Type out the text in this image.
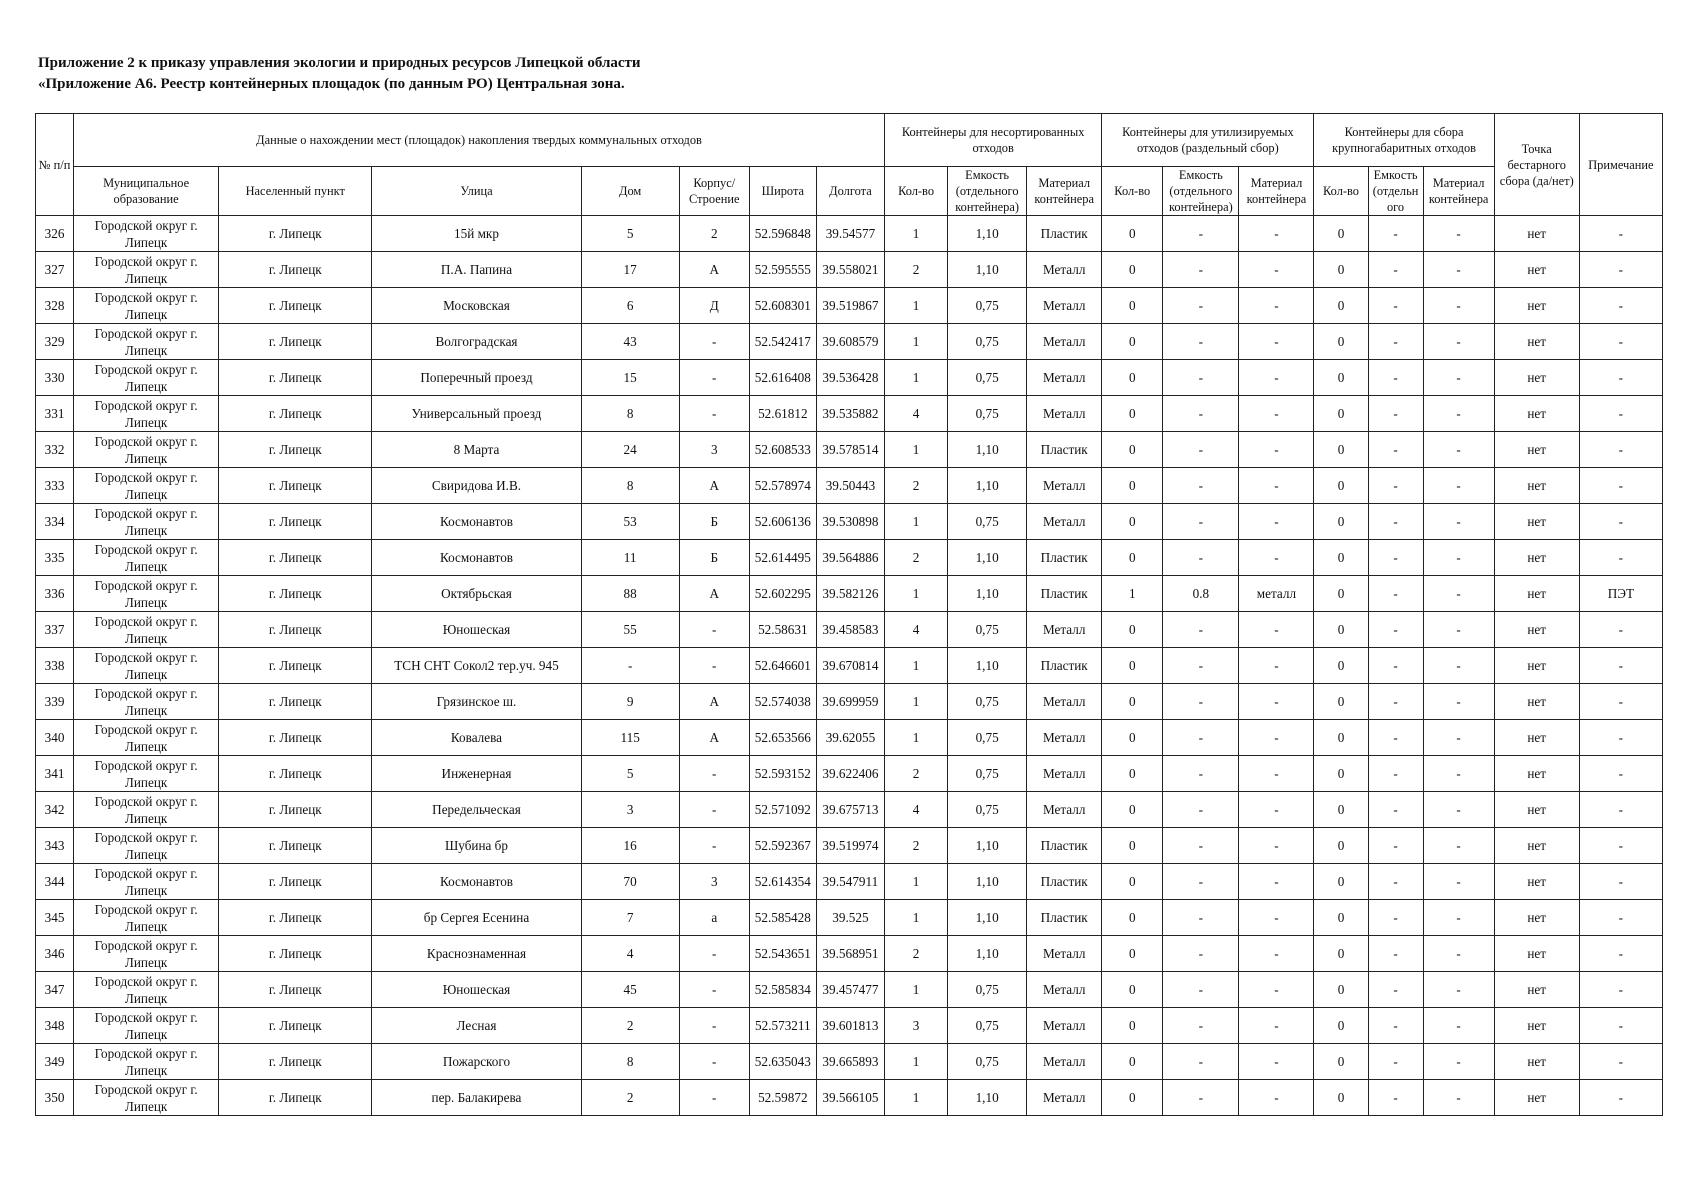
Приложение 2 к приказу управления экологии и природных ресурсов Липецкой области
«Приложение А6. Реестр контейнерных площадок (по данным РО) Центральная зона.
№ п/п	Данные о нахождении мест (площадок) накопления твердых коммунальных отходов							Контейнеры для несортированных отходов			Контейнеры для утилизируемых отходов (раздельный сбор)			Контейнеры для сбора крупногабаритных отходов			Точка бестарного сбора (да/нет)	Примечание
	Муниципальное образование	Населенный пункт	Улица	Дом	Корпус/ Строение	Широта	Долгота	Кол-во	Емкость (отдельного контейнера)	Материал контейнера	Кол-во	Емкость (отдельного контейнера)	Материал контейнера	Кол-во	Емкость (отдельн ого	Материал контейнера		
326	Городской округ г. Липецк	г. Липецк	15й мкр	5	2	52.596848	39.54577	1	1,10	Пластик	0	-	-	0	-	-	нет	-
327	Городской округ г. Липецк	г. Липецк	П.А. Папина	17	А	52.595555	39.558021	2	1,10	Металл	0	-	-	0	-	-	нет	-
328	Городской округ г. Липецк	г. Липецк	Московская	6	Д	52.608301	39.519867	1	0,75	Металл	0	-	-	0	-	-	нет	-
329	Городской округ г. Липецк	г. Липецк	Волгоградская	43	-	52.542417	39.608579	1	0,75	Металл	0	-	-	0	-	-	нет	-
330	Городской округ г. Липецк	г. Липецк	Поперечный проезд	15	-	52.616408	39.536428	1	0,75	Металл	0	-	-	0	-	-	нет	-
331	Городской округ г. Липецк	г. Липецк	Универсальный проезд	8	-	52.61812	39.535882	4	0,75	Металл	0	-	-	0	-	-	нет	-
332	Городской округ г. Липецк	г. Липецк	8 Марта	24	3	52.608533	39.578514	1	1,10	Пластик	0	-	-	0	-	-	нет	-
333	Городской округ г. Липецк	г. Липецк	Свиридова И.В.	8	А	52.578974	39.50443	2	1,10	Металл	0	-	-	0	-	-	нет	-
334	Городской округ г. Липецк	г. Липецк	Космонавтов	53	Б	52.606136	39.530898	1	0,75	Металл	0	-	-	0	-	-	нет	-
335	Городской округ г. Липецк	г. Липецк	Космонавтов	11	Б	52.614495	39.564886	2	1,10	Пластик	0	-	-	0	-	-	нет	-
336	Городской округ г. Липецк	г. Липецк	Октябрьская	88	А	52.602295	39.582126	1	1,10	Пластик	1	0.8	металл	0	-	-	нет	ПЭТ
337	Городской округ г. Липецк	г. Липецк	Юношеская	55	-	52.58631	39.458583	4	0,75	Металл	0	-	-	0	-	-	нет	-
338	Городской округ г. Липецк	г. Липецк	ТСН СНТ Сокол2 тер.уч. 945	-	-	52.646601	39.670814	1	1,10	Пластик	0	-	-	0	-	-	нет	-
339	Городской округ г. Липецк	г. Липецк	Грязинское ш.	9	А	52.574038	39.699959	1	0,75	Металл	0	-	-	0	-	-	нет	-
340	Городской округ г. Липецк	г. Липецк	Ковалева	115	А	52.653566	39.62055	1	0,75	Металл	0	-	-	0	-	-	нет	-
341	Городской округ г. Липецк	г. Липецк	Инженерная	5	-	52.593152	39.622406	2	0,75	Металл	0	-	-	0	-	-	нет	-
342	Городской округ г. Липецк	г. Липецк	Передельческая	3	-	52.571092	39.675713	4	0,75	Металл	0	-	-	0	-	-	нет	-
343	Городской округ г. Липецк	г. Липецк	Шубина бр	16	-	52.592367	39.519974	2	1,10	Пластик	0	-	-	0	-	-	нет	-
344	Городской округ г. Липецк	г. Липецк	Космонавтов	70	3	52.614354	39.547911	1	1,10	Пластик	0	-	-	0	-	-	нет	-
345	Городской округ г. Липецк	г. Липецк	бр Сергея Есенина	7	а	52.585428	39.525	1	1,10	Пластик	0	-	-	0	-	-	нет	-
346	Городской округ г. Липецк	г. Липецк	Краснознаменная	4	-	52.543651	39.568951	2	1,10	Металл	0	-	-	0	-	-	нет	-
347	Городской округ г. Липецк	г. Липецк	Юношеская	45	-	52.585834	39.457477	1	0,75	Металл	0	-	-	0	-	-	нет	-
348	Городской округ г. Липецк	г. Липецк	Лесная	2	-	52.573211	39.601813	3	0,75	Металл	0	-	-	0	-	-	нет	-
349	Городской округ г. Липецк	г. Липецк	Пожарского	8	-	52.635043	39.665893	1	0,75	Металл	0	-	-	0	-	-	нет	-
350	Городской округ г. Липецк	г. Липецк	пер. Балакирева	2	-	52.59872	39.566105	1	1,10	Металл	0	-	-	0	-	-	нет	-
